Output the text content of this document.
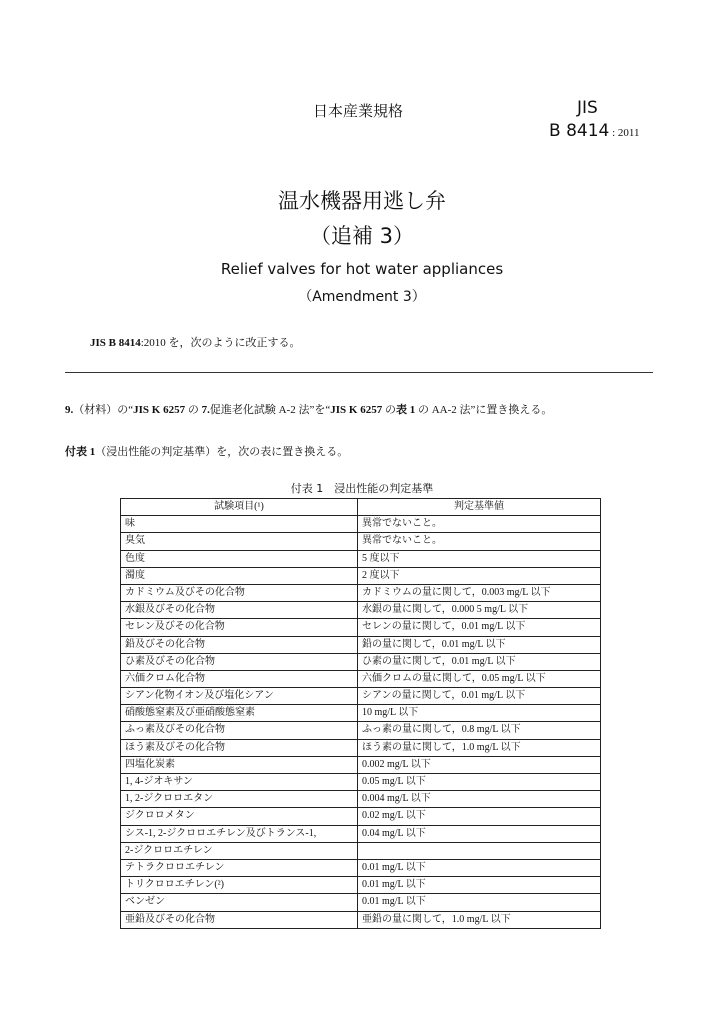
日本産業規格	JIS
B 8414 : 2011
温水機器用逃し弁
（追補 3）
Relief valves for hot water appliances
（Amendment 3）
JIS B 8414:2010 を，次のように改正する。
9.（材料）の“JIS K 6257 の 7.促進老化試験 A-2 法”を“JIS K 6257 の表 1 の AA-2 法”に置き換える。
付表 1（浸出性能の判定基準）を，次の表に置き換える。
付表 1　浸出性能の判定基準
試験項目(¹)	判定基準値
味	異常でないこと。
臭気	異常でないこと。
色度	5 度以下
濁度	2 度以下
カドミウム及びその化合物	カドミウムの量に関して，0.003 mg/L 以下
水銀及びその化合物	水銀の量に関して，0.000 5 mg/L 以下
セレン及びその化合物	セレンの量に関して，0.01 mg/L 以下
鉛及びその化合物	鉛の量に関して，0.01 mg/L 以下
ひ素及びその化合物	ひ素の量に関して，0.01 mg/L 以下
六価クロム化合物	六価クロムの量に関して，0.05 mg/L 以下
シアン化物イオン及び塩化シアン	シアンの量に関して，0.01 mg/L 以下
硝酸態窒素及び亜硝酸態窒素	10 mg/L 以下
ふっ素及びその化合物	ふっ素の量に関して，0.8 mg/L 以下
ほう素及びその化合物	ほう素の量に関して，1.0 mg/L 以下
四塩化炭素	0.002 mg/L 以下
1, 4-ジオキサン	0.05 mg/L 以下
1, 2-ジクロロエタン	0.004 mg/L 以下
ジクロロメタン	0.02 mg/L 以下
シス-1, 2-ジクロロエチレン及びトランス-1,	0.04 mg/L 以下
2-ジクロロエチレン	
テトラクロロエチレン	0.01 mg/L 以下
トリクロロエチレン(²)	0.01 mg/L 以下
ベンゼン	0.01 mg/L 以下
亜鉛及びその化合物	亜鉛の量に関して，1.0 mg/L 以下
